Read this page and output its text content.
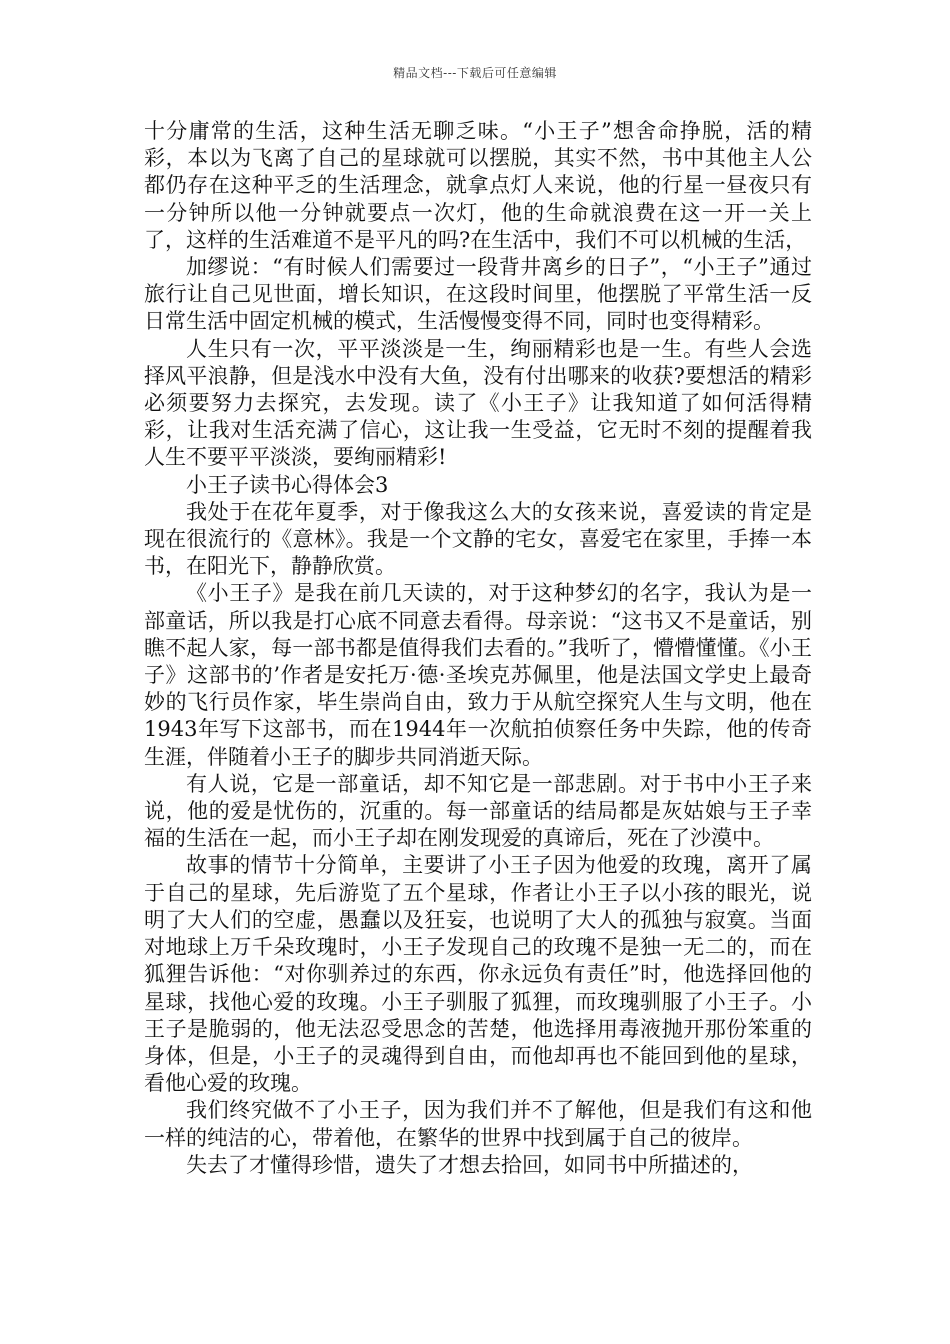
精品文档---下载后可任意编辑

十分庸常的生活，这种生活无聊乏味。“小王子”想舍命挣脱，活的精彩，本以为飞离了自己的星球就可以摆脱，其实不然，书中其他主人公都仍存在这种平乏的生活理念，就拿点灯人来说，他的行星一昼夜只有一分钟所以他一分钟就要点一次灯，他的生命就浪费在这一开一关上了，这样的生活难道不是平凡的吗?在生活中，我们不可以机械的生活，

加缪说：“有时候人们需要过一段背井离乡的日子”，“小王子”通过旅行让自己见世面，增长知识，在这段时间里，他摆脱了平常生活一反日常生活中固定机械的模式，生活慢慢变得不同，同时也变得精彩。

人生只有一次，平平淡淡是一生，绚丽精彩也是一生。有些人会选择风平浪静，但是浅水中没有大鱼，没有付出哪来的收获?要想活的精彩必须要努力去探究，去发现。读了《小王子》让我知道了如何活得精彩，让我对生活充满了信心，这让我一生受益，它无时不刻的提醒着我人生不要平平淡淡，要绚丽精彩!

小王子读书心得体会3

我处于在花年夏季，对于像我这么大的女孩来说，喜爱读的肯定是现在很流行的《意林》。我是一个文静的宅女，喜爱宅在家里，手捧一本书，在阳光下，静静欣赏。

《小王子》是我在前几天读的，对于这种梦幻的名字，我认为是一部童话，所以我是打心底不同意去看得。母亲说：“这书又不是童话，别瞧不起人家，每一部书都是值得我们去看的。”我听了，懵懵懂懂。《小王子》这部书的’作者是安托万·德·圣埃克苏佩里，他是法国文学史上最奇妙的飞行员作家，毕生崇尚自由，致力于从航空探究人生与文明，他在1943年写下这部书，而在1944年一次航拍侦察任务中失踪，他的传奇生涯，伴随着小王子的脚步共同消逝天际。

有人说，它是一部童话，却不知它是一部悲剧。对于书中小王子来说，他的爱是忧伤的，沉重的。每一部童话的结局都是灰姑娘与王子幸福的生活在一起，而小王子却在刚发现爱的真谛后，死在了沙漠中。

故事的情节十分简单，主要讲了小王子因为他爱的玫瑰，离开了属于自己的星球，先后游览了五个星球，作者让小王子以小孩的眼光，说明了大人们的空虚，愚蠢以及狂妄，也说明了大人的孤独与寂寞。当面对地球上万千朵玫瑰时，小王子发现自己的玫瑰不是独一无二的，而在狐狸告诉他：“对你驯养过的东西，你永远负有责任”时，他选择回他的星球，找他心爱的玫瑰。小王子驯服了狐狸，而玫瑰驯服了小王子。小王子是脆弱的，他无法忍受思念的苦楚，他选择用毒液抛开那份笨重的身体，但是，小王子的灵魂得到自由，而他却再也不能回到他的星球，看他心爱的玫瑰。

我们终究做不了小王子，因为我们并不了解他，但是我们有这和他一样的纯洁的心，带着他，在繁华的世界中找到属于自己的彼岸。

失去了才懂得珍惜，遗失了才想去拾回，如同书中所描述的，
